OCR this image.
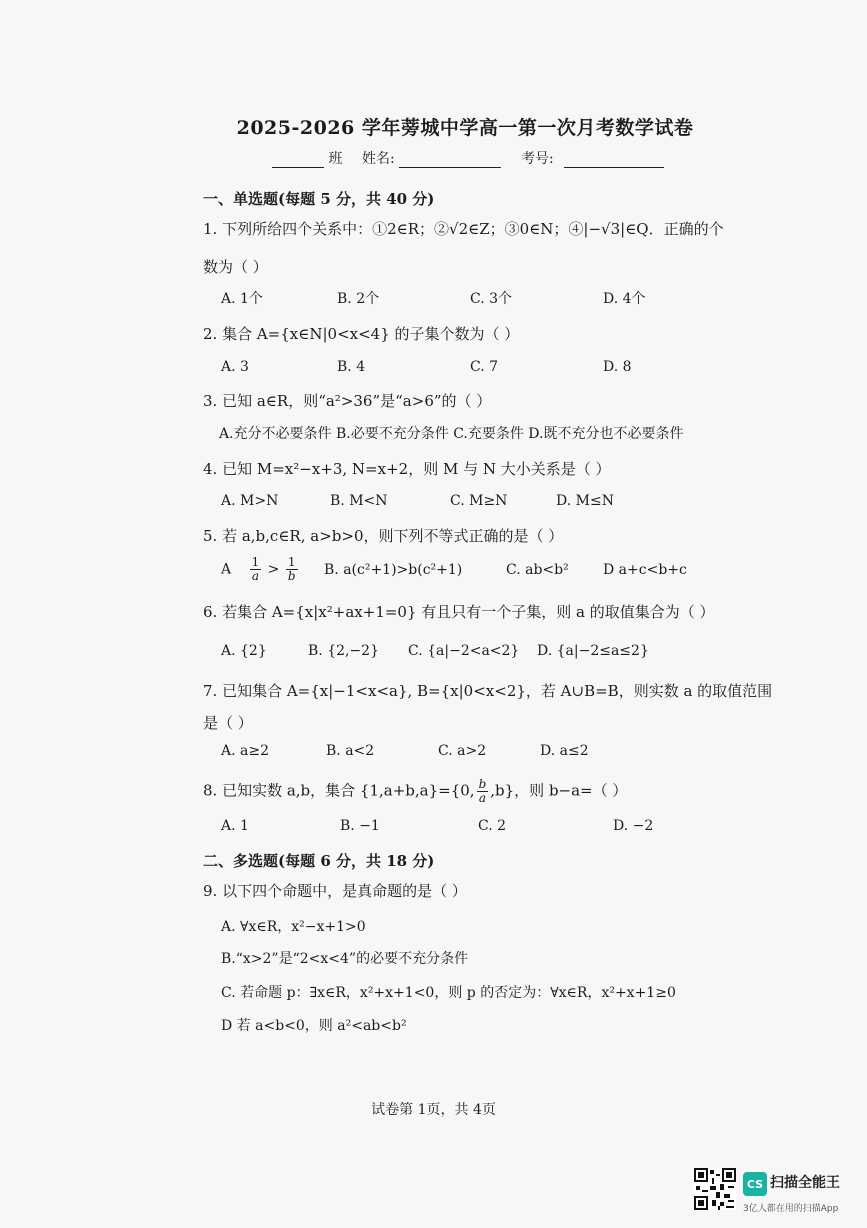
2025-2026 学年蒡城中学高一第一次月考数学试卷
班 姓名:	考号:
一、单选题(每题 5 分，共 40 分)
1. 下列所给四个关系中：①2∈R；②√2∈Z；③0∈N；④|−√3|∈Q．正确的个
数为（ ）
A. 1个	B. 2个	C. 3个	D. 4个
2. 集合 A={x∈N|0<x<4} 的子集个数为（ ）
A. 3	B. 4	C. 7	D. 8
3. 已知 a∈R，则“a²>36”是“a>6”的（ ）
A.充分不必要条件 B.必要不充分条件 C.充要条件 D.既不充分也不必要条件
4. 已知 M=x²−x+3, N=x+2，则 M 与 N 大小关系是（ ）
A. M>N	B. M<N	C. M≥N	D. M≤N
5. 若 a,b,c∈R, a>b>0，则下列不等式正确的是（ ）
A $\frac{1}{a} > \frac{1}{b} B$. a(c²+1)>b(c²+1)	C. ab<b² D a+c<b+c
6. 若集合 A={x|x²+ax+1=0} 有且只有一个子集，则 a 的取值集合为（ ）
A. {2}	B. {2,−2} C. {a|−2<a<2} D. {a|−2≤a≤2}
7. 已知集合 A={x|−1<x<a}, B={x|0<x<2}，若 A∪B=B，则实数 a 的取值范围
是（ ）
A. a≥2	B. a<2	C. a>2	D. a≤2
8. 已知实数 a,b，集合 {1,a+b,a}={0, $\frac{b}{a} ,b$}，则 b−a=（ ）
A. 1	B. −1	C. 2	D. −2
二、多选题(每题 6 分，共 18 分)
9. 以下四个命题中，是真命题的是（ ）
A. ∀x∈R，x²−x+1>0
B.“x>2”是“2<x<4”的必要不充分条件
C. 若命题 p：∃x∈R，x²+x+1<0，则 p 的否定为：∀x∈R，x²+x+1≥0
D 若 a<b<0，则 a²<ab<b²
试卷第 1页，共 4页
CS 扫描全能王
3亿人都在用的扫描App
